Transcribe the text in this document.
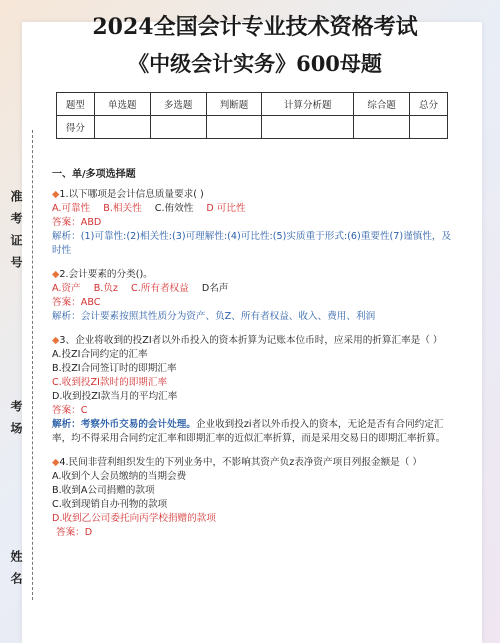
2024全国会计专业技术资格考试
《中级会计实务》600母题
准考证号
考场
姓名
题型	单选题	多选题	判断题	计算分析题	综合题	总分
得分						
一、单/多项选择题
◆1.以下哪项是会计信息质量要求( )
A.可靠性 B.相关性 C.侑效性 D 可比性
答案：ABD
解析：(1)可靠性:(2)相关性:(3)可理解性:(4)可比性:(5)实质重于形式:(6)重要性(7)谨慎性，及时性
◆2.会计要素的分类()。
A.资产 B.负z C.所有者权益 D名声
答案：ABC
解析：会计要素按照其性质分为资产、负Z、所有者权益、收入、费用、利润
◆3、企业将收到的投ZI者以外币投入的资本折算为记账本位币时，应采用的折算汇率是（ ）
A.投ZI合同约定的汇率
B.投ZI合同签订时的即期汇率
C.收到投ZI款时的即期汇率
D.收到投ZI款当月的平均汇率
答案：C
解析：考察外币交易的会计处理。企业收到投zi者以外币投入的资本，无论是否有合同约定汇率，均不得采用合同约定汇率和即期汇率的近似汇率折算，而是采用交易日的即期汇率折算。
◆4.民间非营利组织发生的下列业务中，不影响其资产负z表净资产项目列报金额是（ ）
A.收到个人会员缴纳的当期会费
B.收到A公司捐赠的款项
C.收到现销自办刊物的款项
D.收到乙公司委托向丙学校捐赠的款项
答案：D
